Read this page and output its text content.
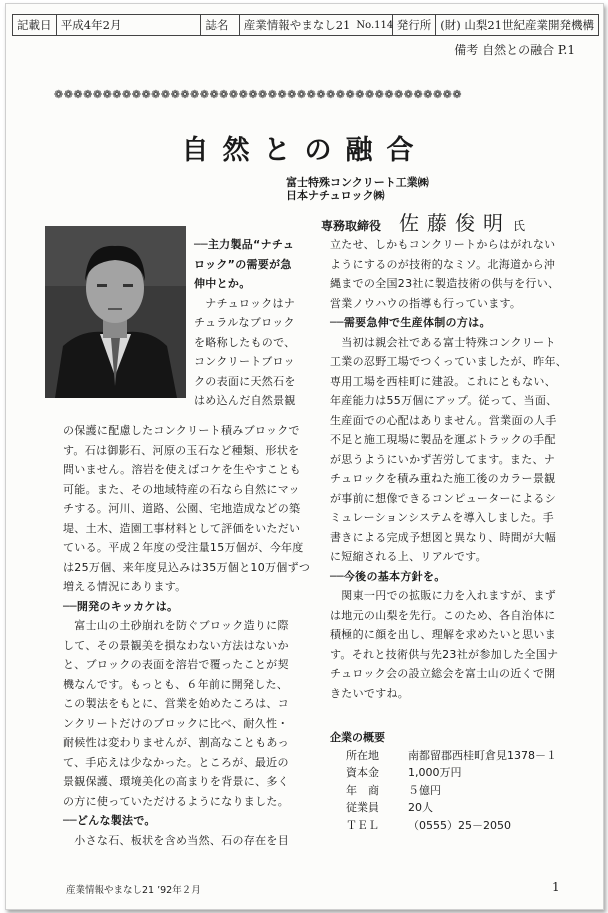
記載日 平成4年2月	誌名	産業情報やまなし21 No.114 発行所 (財) 山梨21世紀産業開発機構
備考 自然との融合 P.1
❁❁❁❁❁❁❁❁❁❁❁❁❁❁❁❁❁❁❁❁❁❁❁❁❁❁❁❁❁❁❁❁❁❁❁❁❁❁❁❁❁❁
自然との融合
富士特殊コンクリート工業㈱
日本ナチュロック㈱
専務取締役 佐藤俊明 氏

──主力製品“ナチュ

ロック”の需要が急

伸中とか。

　ナチュロックはナ

チュラルなブロック

を略称したもので、

コンクリートブロッ

クの表面に天然石を

はめ込んだ自然景観

の保護に配慮したコンクリート積みブロックで

す。石は御影石、河原の玉石など種類、形状を

問いません。溶岩を使えばコケを生やすことも

可能。また、その地域特産の石なら自然にマッ

チする。河川、道路、公園、宅地造成などの築

堤、土木、造園工事材料として評価をいただい

ている。平成２年度の受注量15万個が、今年度

は25万個、来年度見込みは35万個と10万個ずつ

増える情況にあります。

──開発のキッカケは。

　富士山の土砂崩れを防ぐブロック造りに際

して、その景観美を損なわない方法はないか

と、ブロックの表面を溶岩で覆ったことが契

機なんです。もっとも、６年前に開発した、

この製法をもとに、営業を始めたころは、コ

ンクリートだけのブロックに比べ、耐久性・

耐候性は変わりませんが、割高なこともあっ

て、手応えは少なかった。ところが、最近の

景観保護、環境美化の高まりを背景に、多く

の方に使っていただけるようになりました。

──どんな製法で。

　小さな石、板状を含め当然、石の存在を目

立たせ、しかもコンクリートからはがれない

ようにするのが技術的なミソ。北海道から沖

縄までの全国23社に製造技術の供与を行い、

営業ノウハウの指導も行っています。

──需要急伸で生産体制の方は。

　当初は親会社である富士特殊コンクリート

工業の忍野工場でつくっていましたが、昨年、

専用工場を西桂町に建設。これにともない、

年産能力は55万個にアップ。従って、当面、

生産面での心配はありません。営業面の人手

不足と施工現場に製品を運ぶトラックの手配

が思うようにいかず苦労してます。また、ナ

チュロックを積み重ねた施工後のカラー景観

が事前に想像できるコンピューターによるシ

ミュレーションシステムを導入しました。手

書きによる完成予想図と異なり、時間が大幅

に短縮される上、リアルです。

──今後の基本方針を。

　関東一円での拡販に力を入れますが、まず

は地元の山梨を先行。このため、各自治体に

積極的に顔を出し、理解を求めたいと思いま

す。それと技術供与先23社が参加した全国ナ

チュロック会の設立総会を富士山の近くで開

きたいですね。

企業の概要
所在地	南都留郡西桂町倉見1378－１
資本金	1,000万円
年　商	５億円
従業員	20人
ＴＥＬ	（0555）25－2050
産業情報やまなし21 ’92年２月	1
